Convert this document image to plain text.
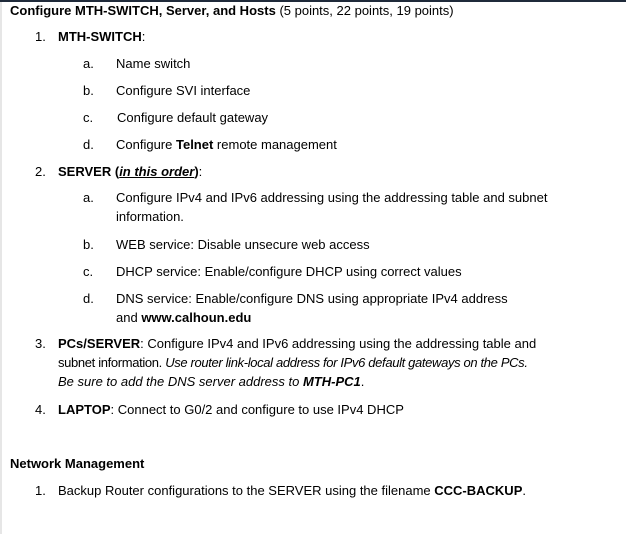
Configure MTH-SWITCH, Server, and Hosts (5 points, 22 points, 19 points)
1. MTH-SWITCH:
a. Name switch
b. Configure SVI interface
c. Configure default gateway
d. Configure Telnet remote management
2. SERVER (in this order):
a. Configure IPv4 and IPv6 addressing using the addressing table and subnet
information.
b. WEB service: Disable unsecure web access
c. DHCP service: Enable/configure DHCP using correct values
d. DNS service: Enable/configure DNS using appropriate IPv4 address
and www.calhoun.edu
3. PCs/SERVER: Configure IPv4 and IPv6 addressing using the addressing table and
subnet information. Use router link-local address for IPv6 default gateways on the PCs.
Be sure to add the DNS server address to MTH-PC1.
4. LAPTOP: Connect to G0/2 and configure to use IPv4 DHCP
Network Management
1. Backup Router configurations to the SERVER using the filename CCC-BACKUP.
